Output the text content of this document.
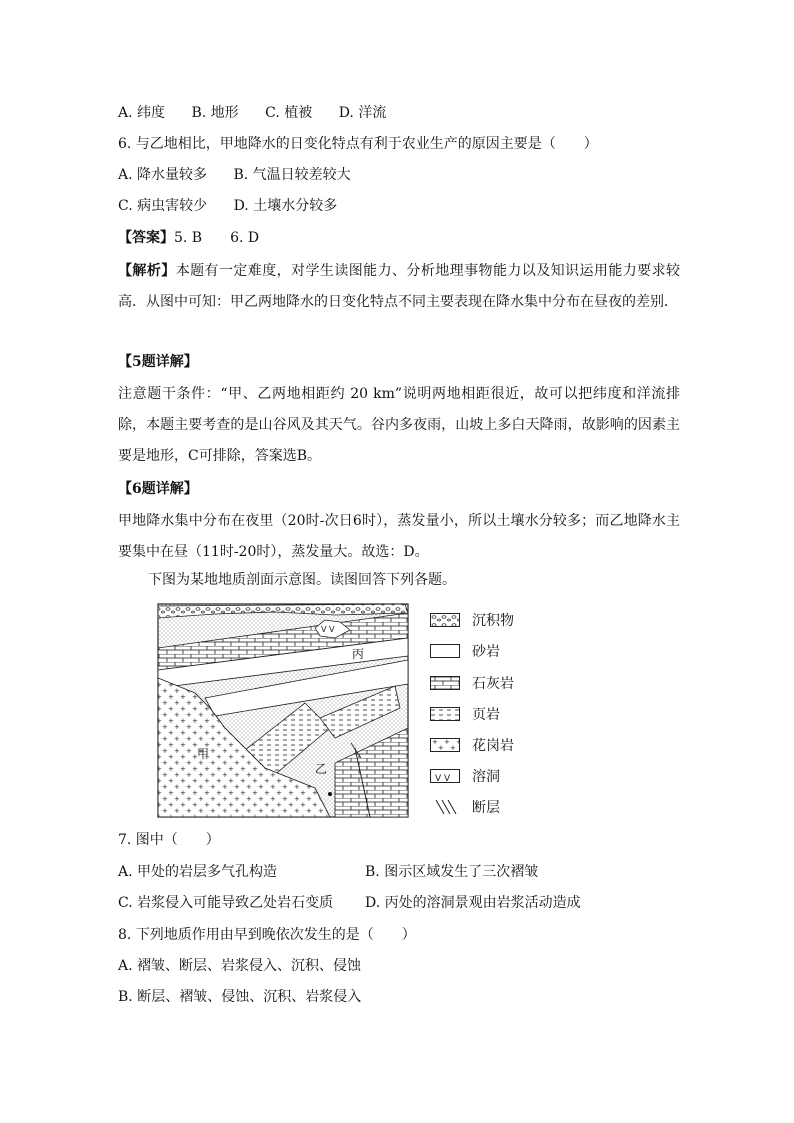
A. 纬度 B. 地形 C. 植被 D. 洋流
6. 与乙地相比，甲地降水的日变化特点有利于农业生产的原因主要是（　　）
A. 降水量较多 B. 气温日较差较大
C. 病虫害较少 D. 土壤水分较多
【答案】5. B　　6. D
【解析】本题有一定难度，对学生读图能力、分析地理事物能力以及知识运用能力要求较高．从图中可知：甲乙两地降水的日变化特点不同主要表现在降水集中分布在昼夜的差别．
【5题详解】
注意题干条件：“甲、乙两地相距约 20 km”说明两地相距很近，故可以把纬度和洋流排除，本题主要考查的是山谷风及其天气。谷内多夜雨，山坡上多白天降雨，故影响的因素主要是地形，C可排除，答案选B。
【6题详解】
甲地降水集中分布在夜里（20时-次日6时），蒸发量小，所以土壤水分较多；而乙地降水主要集中在昼（11时-20时），蒸发量大。故选：D。
下图为某地地质剖面示意图。读图回答下列各题。
V V
丙
甲
乙
沉积物
砂岩
石灰岩
页岩
花岗岩
V V 溶洞
断层
7. 图中（　　）
A. 甲处的岩层多气孔构造	B. 图示区域发生了三次褶皱
C. 岩浆侵入可能导致乙处岩石变质 D. 丙处的溶洞景观由岩浆活动造成
8. 下列地质作用由早到晚依次发生的是（　　）
A. 褶皱、断层、岩浆侵入、沉积、侵蚀
B. 断层、褶皱、侵蚀、沉积、岩浆侵入
